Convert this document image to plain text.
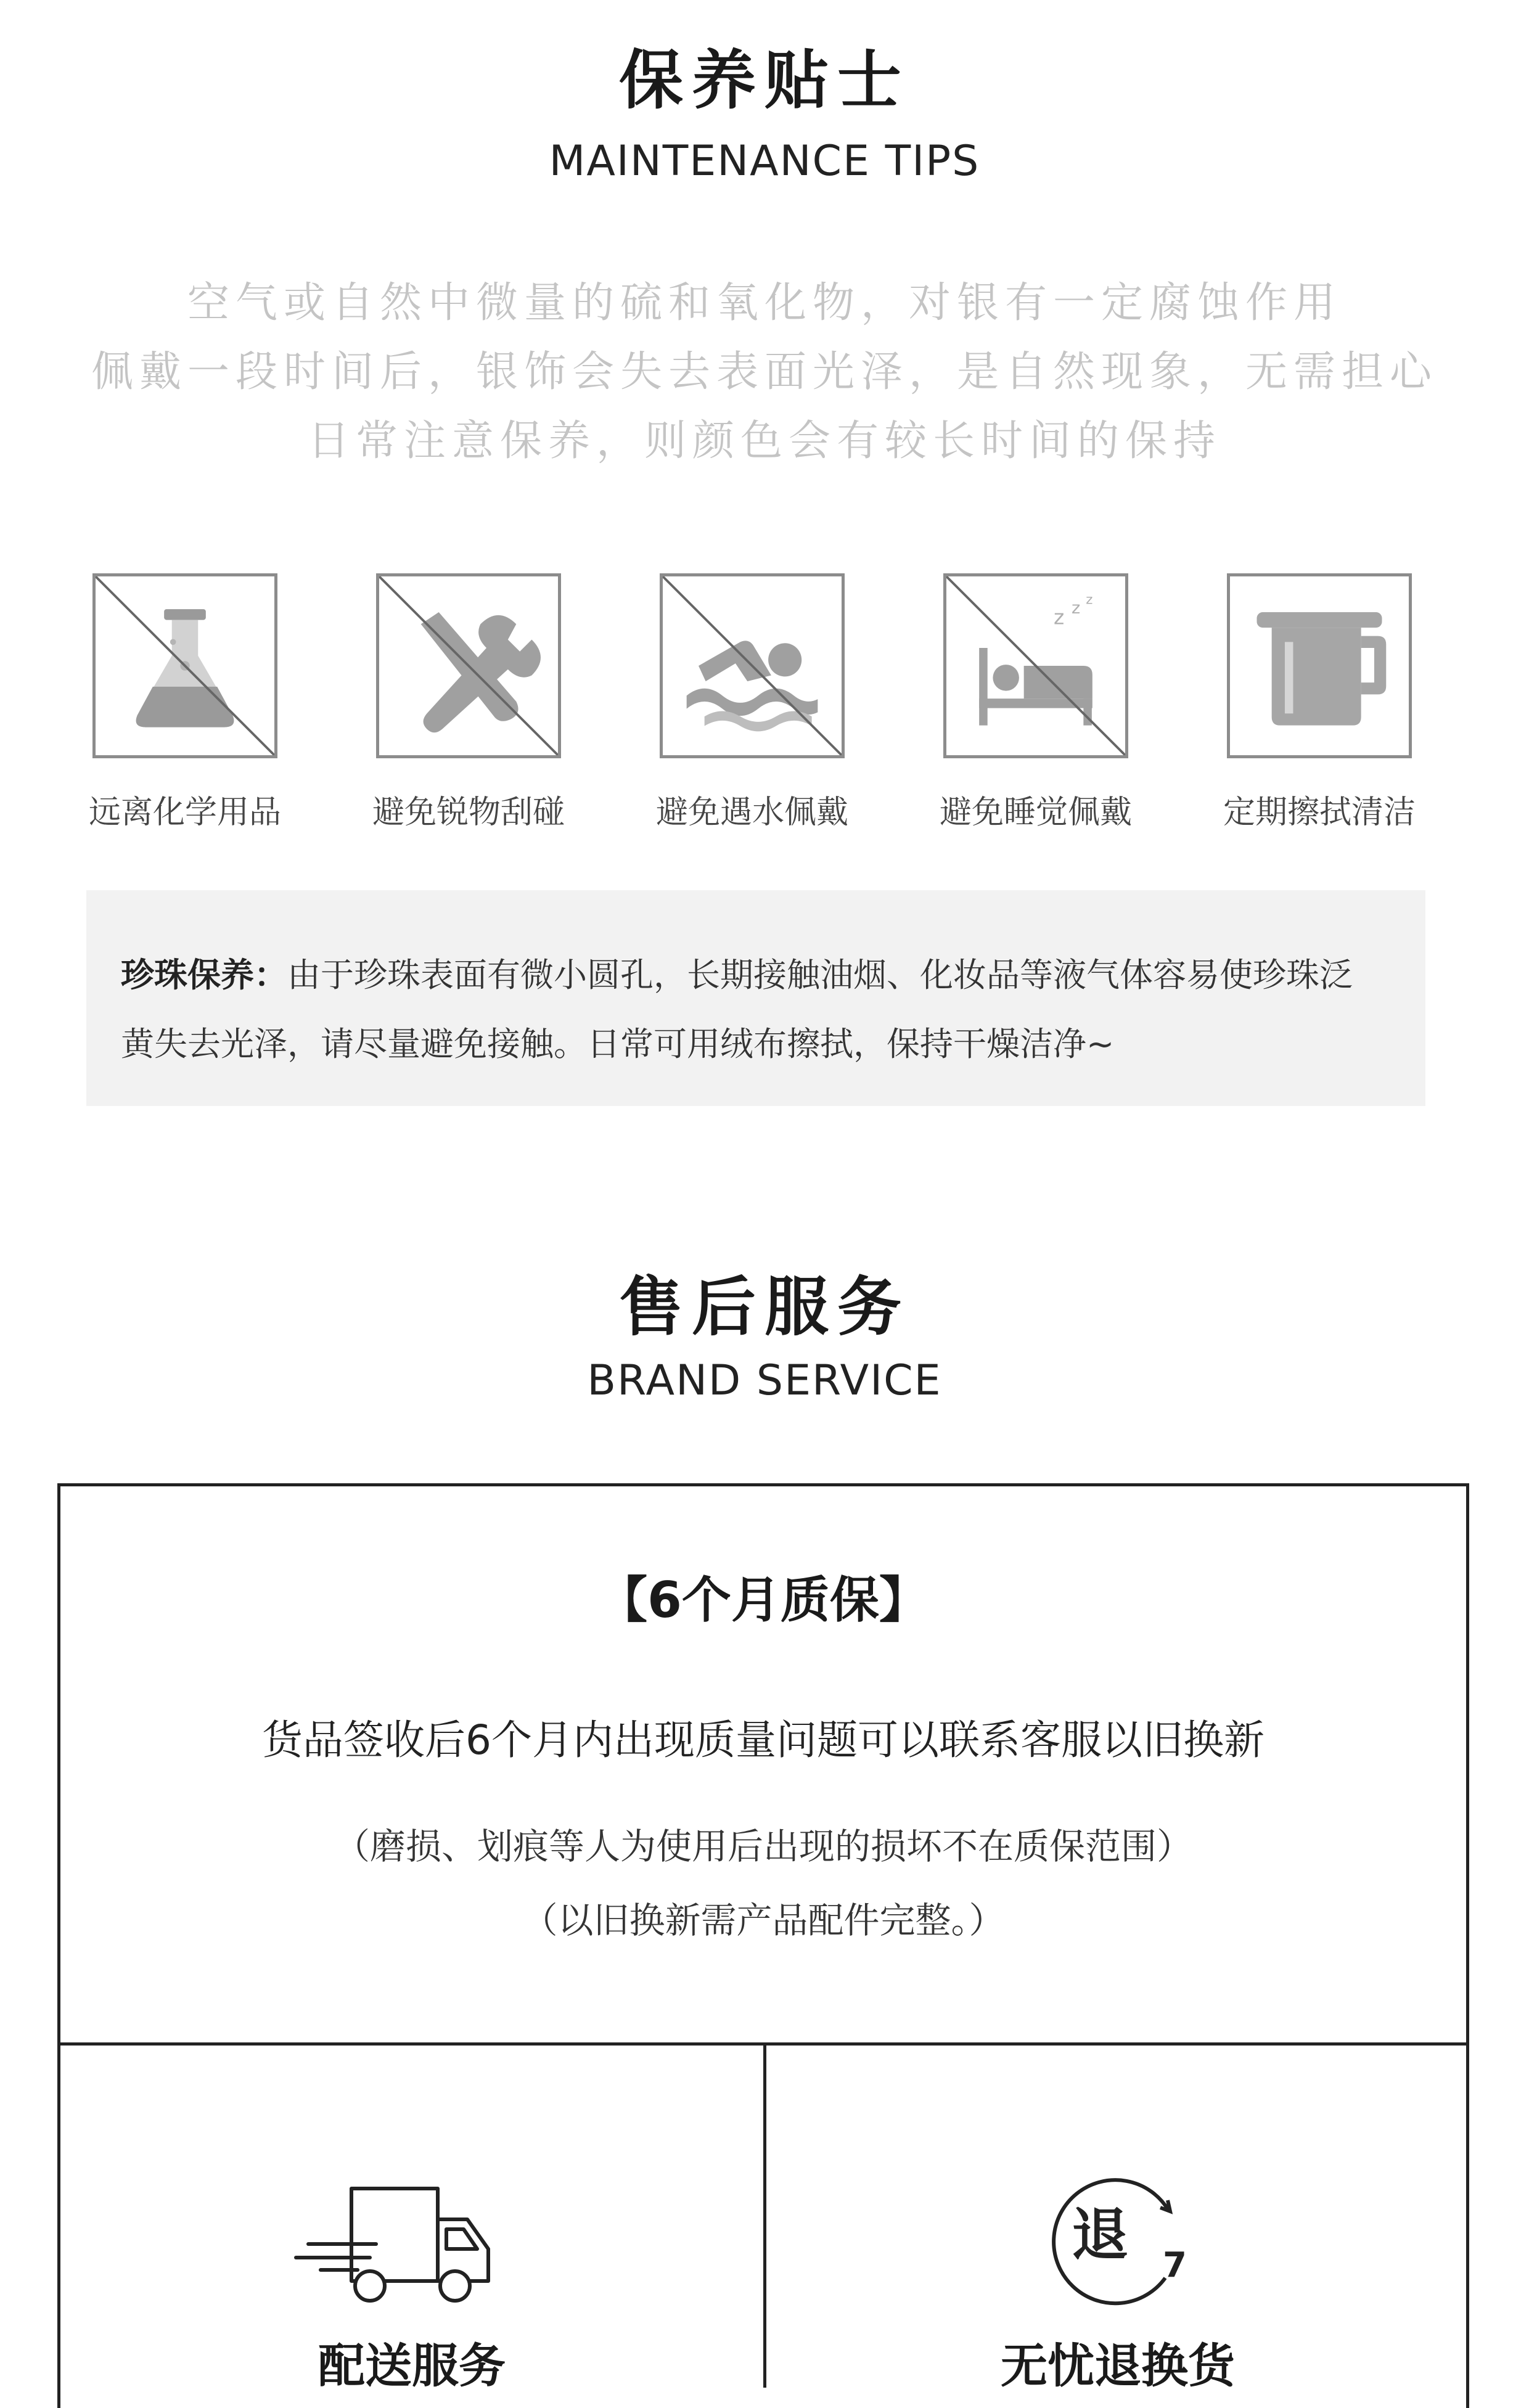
保养贴士
MAINTENANCE TIPS
空气或自然中微量的硫和氧化物，对银有一定腐蚀作用
佩戴一段时间后，银饰会失去表面光泽，是自然现象，无需担心
日常注意保养，则颜色会有较长时间的保持
远离化学用品	避免锐物刮碰	避免遇水佩戴
z z z
避免睡觉佩戴	定期擦拭清洁
珍珠保养：由于珍珠表面有微小圆孔，长期接触油烟、化妆品等液气体容易使珍珠泛
黄失去光泽，请尽量避免接触。日常可用绒布擦拭，保持干燥洁净~
售后服务
BRAND SERVICE
【6个月质保】
货品签收后6个月内出现质量问题可以联系客服以旧换新
（磨损、划痕等人为使用后出现的损坏不在质保范围）
（以旧换新需产品配件完整。）
退 7
配送服务	无忧退换货
